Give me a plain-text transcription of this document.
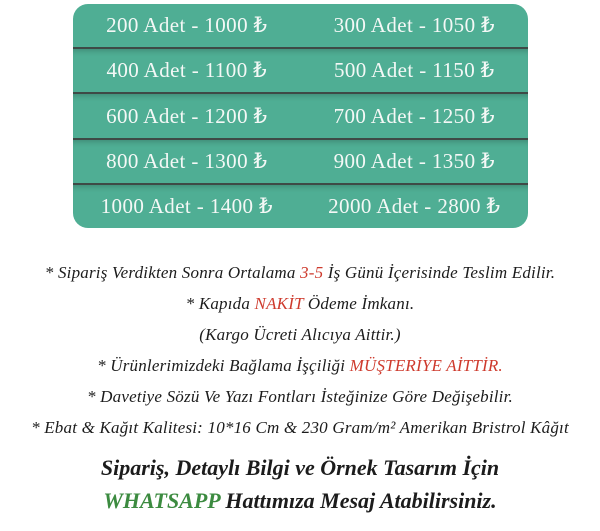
200 Adet - 1000 ₺	300 Adet - 1050 ₺
400 Adet - 1100 ₺	500 Adet - 1150 ₺
600 Adet - 1200 ₺	700 Adet - 1250 ₺
800 Adet - 1300 ₺	900 Adet - 1350 ₺
1000 Adet - 1400 ₺	2000 Adet - 2800 ₺
* Sipariş Verdikten Sonra Ortalama 3-5 İş Günü İçerisinde Teslim Edilir.
* Kapıda NAKİT Ödeme İmkanı.
(Kargo Ücreti Alıcıya Aittir.)
* Ürünlerimizdeki Bağlama İşçiliği MÜŞTERİYE AİTTİR.
* Davetiye Sözü Ve Yazı Fontları İsteğinize Göre Değişebilir.
* Ebat & Kağıt Kalitesi: 10*16 Cm & 230 Gram/m² Amerikan Bristrol Kâğıt
Sipariş, Detaylı Bilgi ve Örnek Tasarım İçin
WHATSAPP Hattımıza Mesaj Atabilirsiniz.
